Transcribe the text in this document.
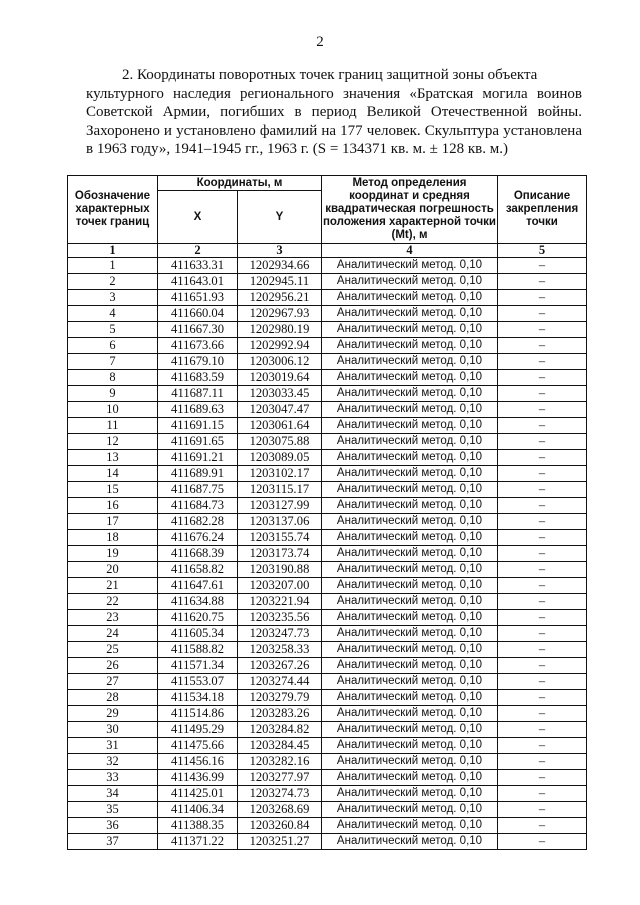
2
2. Координаты поворотных точек границ защитной зоны объекта
культурного наследия регионального значения «Братская могила воинов Советской Армии, погибших в период Великой Отечественной войны. Захоронено и установлено фамилий на 177 человек. Скульптура установлена в 1963 году», 1941–1945 гг., 1963 г. (S = 134371 кв. м. ± 128 кв. м.)
Обозначение характерных точек границ	Координаты, м		Метод определения координат и средняя квадратическая погрешность положения характерной точки (Mt), м	Описание закрепления точки
	X	Y		
1	2	3	4	5
1	411633.31	1202934.66	Аналитический метод. 0,10	–
2	411643.01	1202945.11	Аналитический метод. 0,10	–
3	411651.93	1202956.21	Аналитический метод. 0,10	–
4	411660.04	1202967.93	Аналитический метод. 0,10	–
5	411667.30	1202980.19	Аналитический метод. 0,10	–
6	411673.66	1202992.94	Аналитический метод. 0,10	–
7	411679.10	1203006.12	Аналитический метод. 0,10	–
8	411683.59	1203019.64	Аналитический метод. 0,10	–
9	411687.11	1203033.45	Аналитический метод. 0,10	–
10	411689.63	1203047.47	Аналитический метод. 0,10	–
11	411691.15	1203061.64	Аналитический метод. 0,10	–
12	411691.65	1203075.88	Аналитический метод. 0,10	–
13	411691.21	1203089.05	Аналитический метод. 0,10	–
14	411689.91	1203102.17	Аналитический метод. 0,10	–
15	411687.75	1203115.17	Аналитический метод. 0,10	–
16	411684.73	1203127.99	Аналитический метод. 0,10	–
17	411682.28	1203137.06	Аналитический метод. 0,10	–
18	411676.24	1203155.74	Аналитический метод. 0,10	–
19	411668.39	1203173.74	Аналитический метод. 0,10	–
20	411658.82	1203190.88	Аналитический метод. 0,10	–
21	411647.61	1203207.00	Аналитический метод. 0,10	–
22	411634.88	1203221.94	Аналитический метод. 0,10	–
23	411620.75	1203235.56	Аналитический метод. 0,10	–
24	411605.34	1203247.73	Аналитический метод. 0,10	–
25	411588.82	1203258.33	Аналитический метод. 0,10	–
26	411571.34	1203267.26	Аналитический метод. 0,10	–
27	411553.07	1203274.44	Аналитический метод. 0,10	–
28	411534.18	1203279.79	Аналитический метод. 0,10	–
29	411514.86	1203283.26	Аналитический метод. 0,10	–
30	411495.29	1203284.82	Аналитический метод. 0,10	–
31	411475.66	1203284.45	Аналитический метод. 0,10	–
32	411456.16	1203282.16	Аналитический метод. 0,10	–
33	411436.99	1203277.97	Аналитический метод. 0,10	–
34	411425.01	1203274.73	Аналитический метод. 0,10	–
35	411406.34	1203268.69	Аналитический метод. 0,10	–
36	411388.35	1203260.84	Аналитический метод. 0,10	–
37	411371.22	1203251.27	Аналитический метод. 0,10	–
